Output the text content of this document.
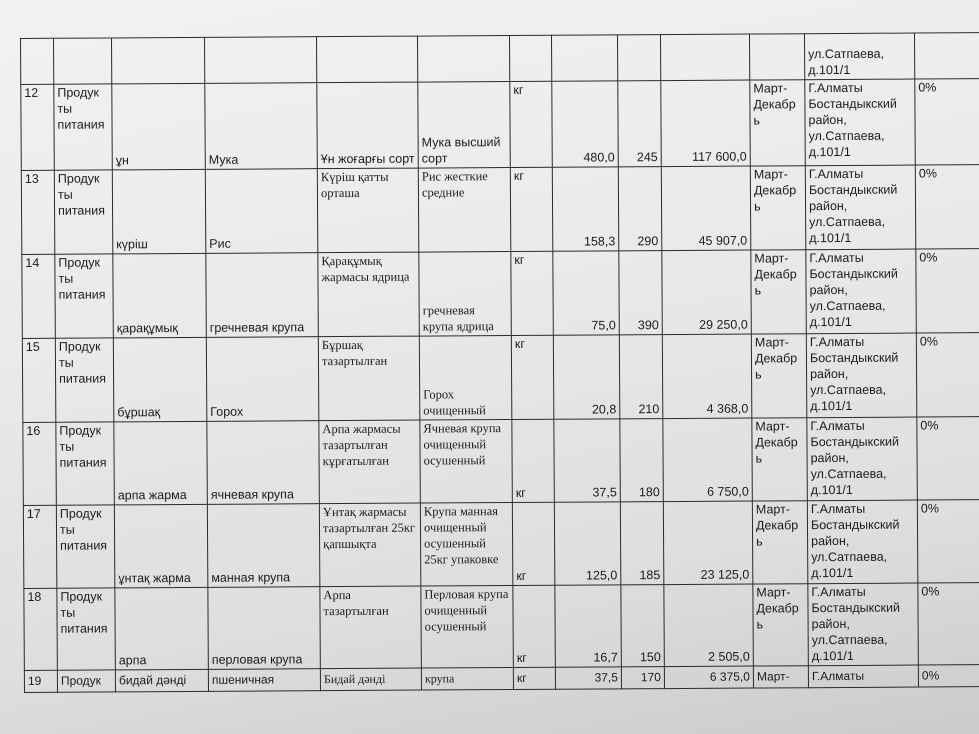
											ул.Сатпаева,
д.101/1	
12	Продук
ты
питания	ұн	Мука	Ұн жоғарғы сорт	Мука высший сорт	кг	480,0	245	117 600,0	Март-
Декабр
ь	Г.Алматы
Бостандыкский
район,
ул.Сатпаева,
д.101/1	0%
13	Продук
ты
питания	күріш	Рис	Күріш қатты орташа	Рис жесткие средние	кг	158,3	290	45 907,0	Март-
Декабр
ь	Г.Алматы
Бостандыкский
район,
ул.Сатпаева,
д.101/1	0%
14	Продук
ты
питания	қарақұмық	гречневая крупа	Қарақұмық жармасы ядрица	гречневая крупа ядрица	кг	75,0	390	29 250,0	Март-
Декабр
ь	Г.Алматы
Бостандыкский
район,
ул.Сатпаева,
д.101/1	0%
15	Продук
ты
питания	бұршақ	Горох	Бұршақ тазартылған	Горох очищенный	кг	20,8	210	4 368,0	Март-
Декабр
ь	Г.Алматы
Бостандыкский
район,
ул.Сатпаева,
д.101/1	0%
16	Продук
ты
питания	арпа жарма	ячневая крупа	Арпа жармасы тазартылған кұрғатылған	Ячневая крупа очищенный осушенный	кг	37,5	180	6 750,0	Март-
Декабр
ь	Г.Алматы
Бостандыкский
район,
ул.Сатпаева,
д.101/1	0%
17	Продук
ты
питания	ұнтақ жарма	манная крупа	Ұнтақ жармасы тазартылған 25кг қапшықта	Крупа манная очищенный осушенный 25кг упаковке	кг	125,0	185	23 125,0	Март-
Декабр
ь	Г.Алматы
Бостандыкский
район,
ул.Сатпаева,
д.101/1	0%
18	Продук
ты
питания	арпа	перловая крупа	Арпа тазартылған	Перловая крупа очищенный осушенный	кг	16,7	150	2 505,0	Март-
Декабр
ь	Г.Алматы
Бостандыкский
район,
ул.Сатпаева,
д.101/1	0%
19	Продук	бидай дәнді	пшеничная	Бидай дәнді	крупа	кг	37,5	170	6 375,0	Март-	Г.Алматы	0%
